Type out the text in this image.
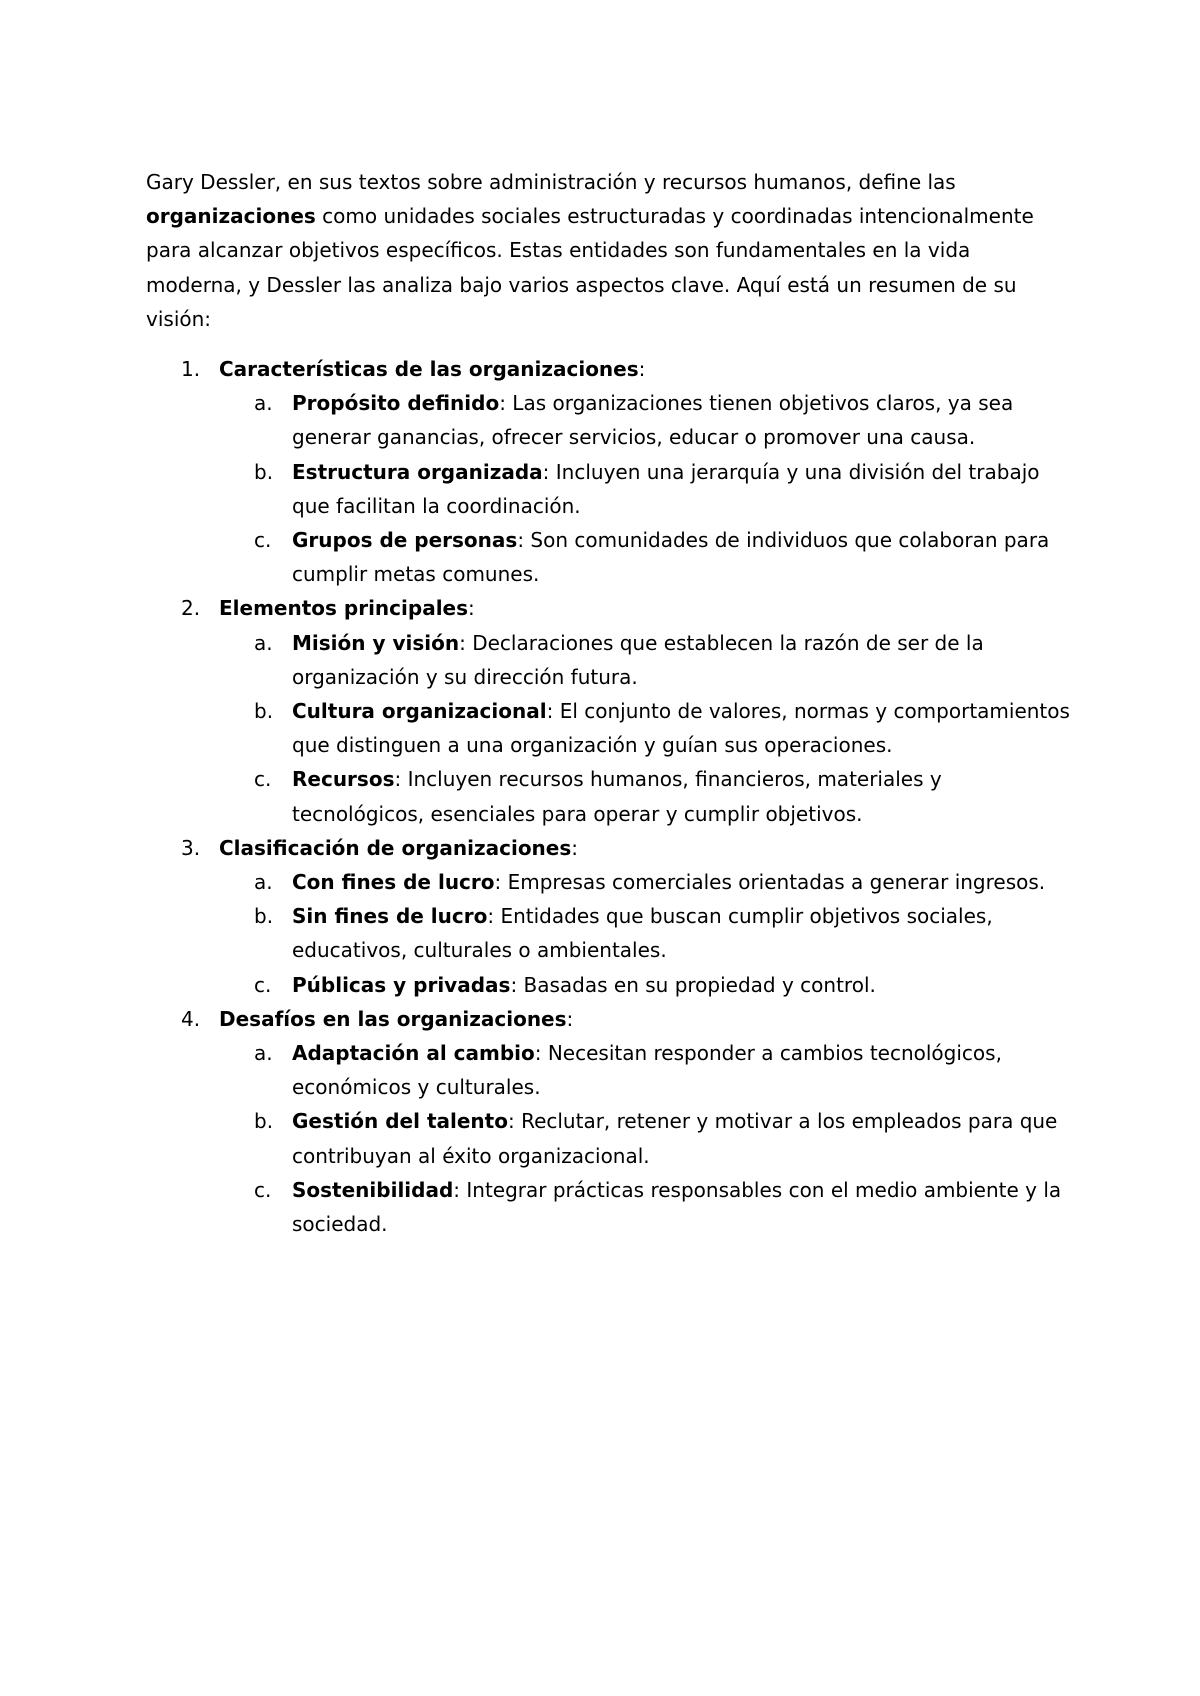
Gary Dessler, en sus textos sobre administración y recursos humanos, define las organizaciones como unidades sociales estructuradas y coordinadas intencionalmente para alcanzar objetivos específicos. Estas entidades son fundamentales en la vida moderna, y Dessler las analiza bajo varios aspectos clave. Aquí está un resumen de su visión:

1. Características de las organizaciones:
a. Propósito definido: Las organizaciones tienen objetivos claros, ya sea generar ganancias, ofrecer servicios, educar o promover una causa.
b. Estructura organizada: Incluyen una jerarquía y una división del trabajo que facilitan la coordinación.
c. Grupos de personas: Son comunidades de individuos que colaboran para cumplir metas comunes.
2. Elementos principales:
a. Misión y visión: Declaraciones que establecen la razón de ser de la organización y su dirección futura.
b. Cultura organizacional: El conjunto de valores, normas y comportamientos que distinguen a una organización y guían sus operaciones.
c. Recursos: Incluyen recursos humanos, financieros, materiales y tecnológicos, esenciales para operar y cumplir objetivos.
3. Clasificación de organizaciones:
a. Con fines de lucro: Empresas comerciales orientadas a generar ingresos.
b. Sin fines de lucro: Entidades que buscan cumplir objetivos sociales, educativos, culturales o ambientales.
c. Públicas y privadas: Basadas en su propiedad y control.
4. Desafíos en las organizaciones:
a. Adaptación al cambio: Necesitan responder a cambios tecnológicos, económicos y culturales.
b. Gestión del talento: Reclutar, retener y motivar a los empleados para que contribuyan al éxito organizacional.
c. Sostenibilidad: Integrar prácticas responsables con el medio ambiente y la sociedad.
